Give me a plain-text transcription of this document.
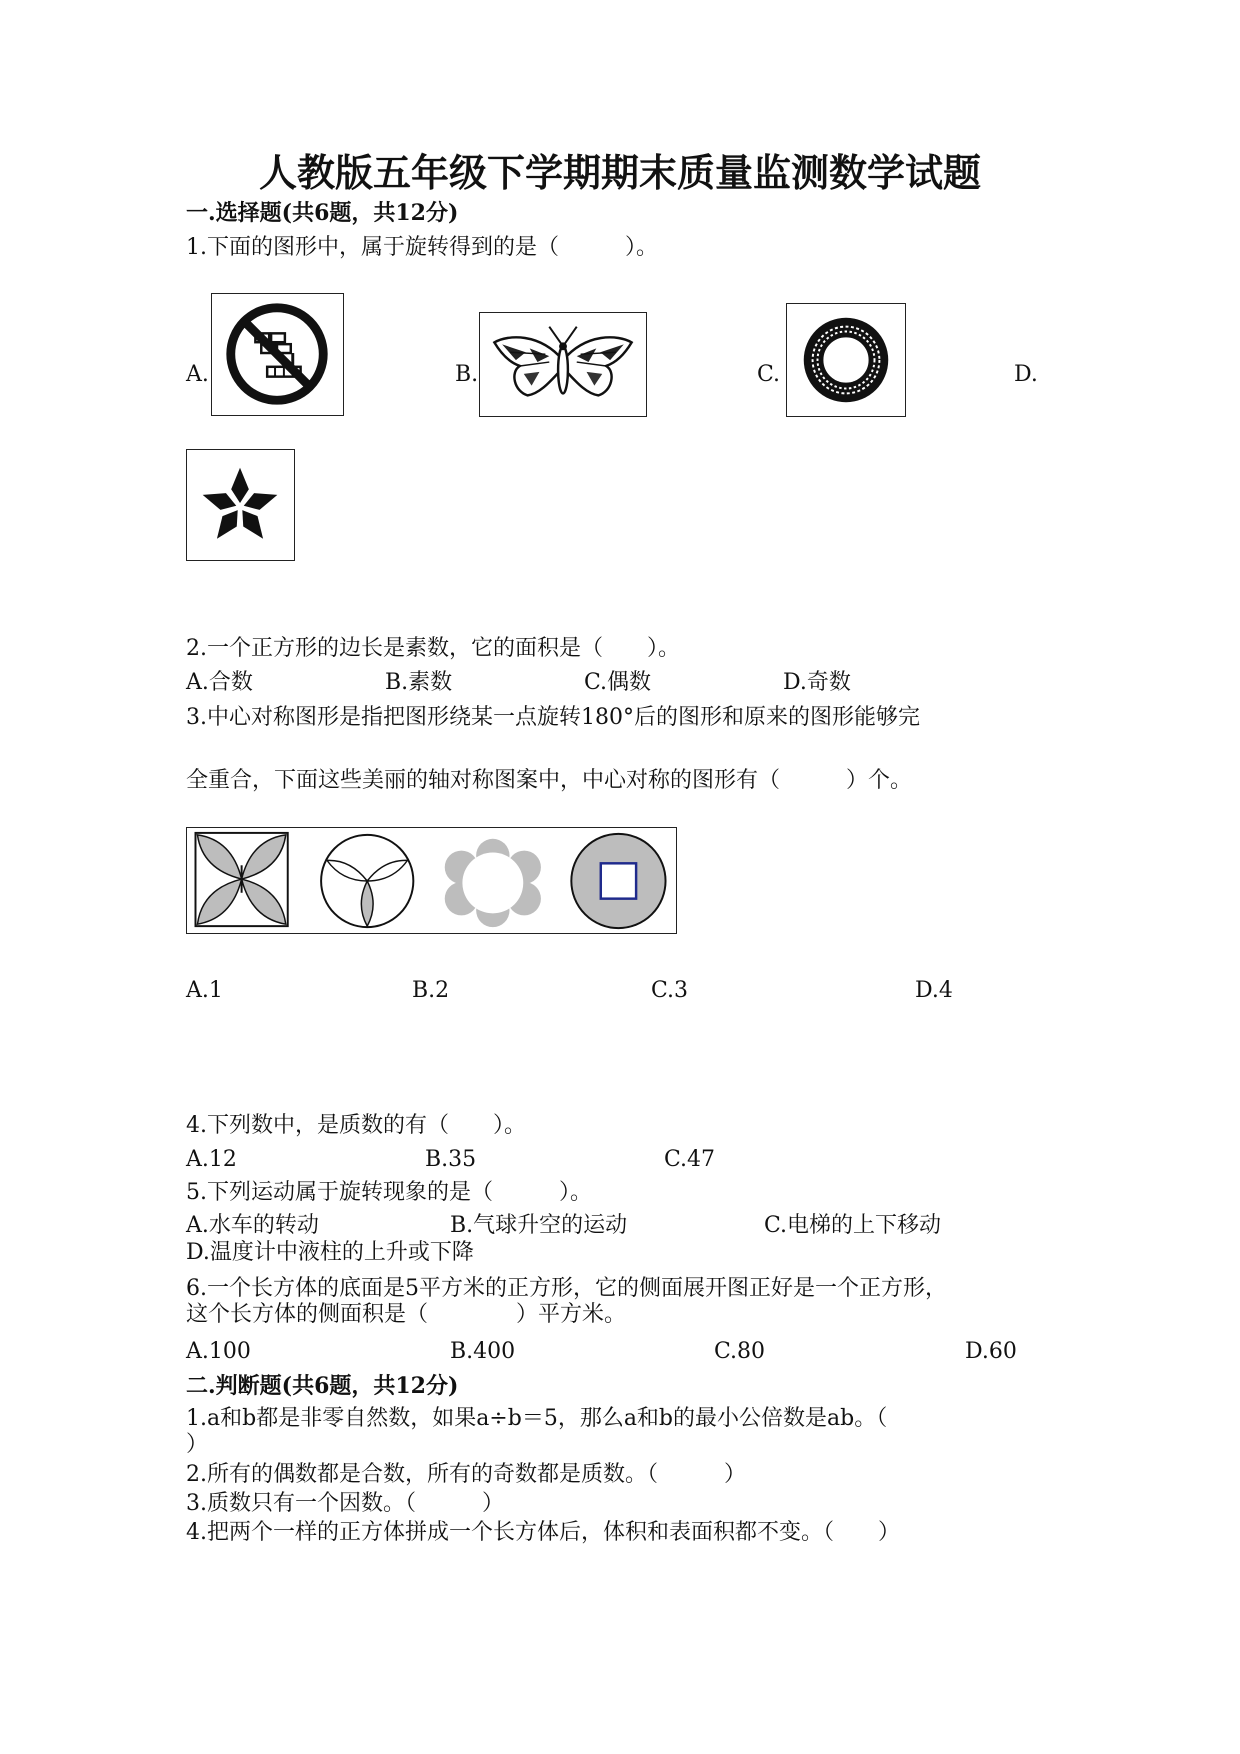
人教版五年级下学期期末质量监测数学试题
一.选择题(共6题，共12分)
1.下面的图形中，属于旋转得到的是（　　　）。
A.	B.	C.	D.
2.一个正方形的边长是素数，它的面积是（　　）。
A.合数	B.素数	C.偶数	D.奇数
3.中心对称图形是指把图形绕某一点旋转180°后的图形和原来的图形能够完
全重合，下面这些美丽的轴对称图案中，中心对称的图形有（　　　）个。
A.1	B.2	C.3	D.4
4.下列数中，是质数的有（　　）。
A.12	B.35	C.47
5.下列运动属于旋转现象的是（　　　）。
A.水车的转动	B.气球升空的运动	C.电梯的上下移动
D.温度计中液柱的上升或下降
6.一个长方体的底面是5平方米的正方形，它的侧面展开图正好是一个正方形，
这个长方体的侧面积是（　　　　）平方米。
A.100	B.400	C.80	D.60
二.判断题(共6题，共12分)
1.a和b都是非零自然数，如果a÷b＝5，那么a和b的最小公倍数是ab。（
）
2.所有的偶数都是合数，所有的奇数都是质数。（　　　）
3.质数只有一个因数。（　　　）
4.把两个一样的正方体拼成一个长方体后，体积和表面积都不变。（　　）
